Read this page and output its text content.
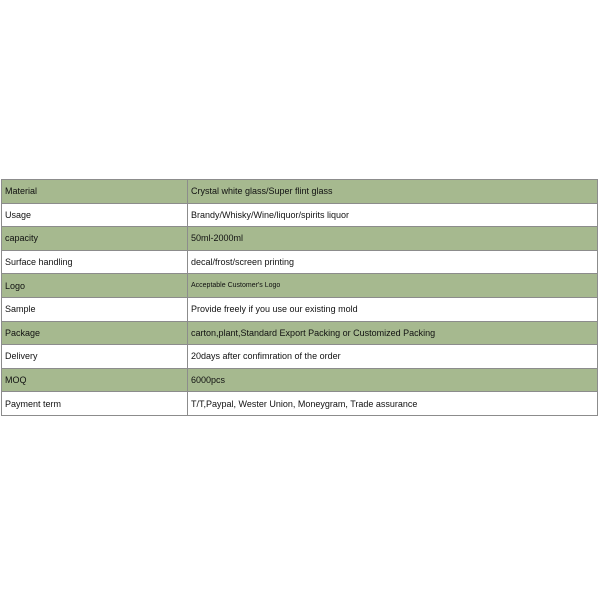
Material	Crystal white glass/Super flint glass
Usage	Brandy/Whisky/Wine/liquor/spirits liquor
capacity	50ml-2000ml
Surface handling	decal/frost/screen printing
Logo	Acceptable Customer's Logo
Sample	Provide freely if you use our existing mold
Package	carton,plant,Standard Export Packing or Customized Packing
Delivery	20days after confimration of the order
MOQ	6000pcs
Payment term	T/T,Paypal, Wester Union, Moneygram, Trade assurance
